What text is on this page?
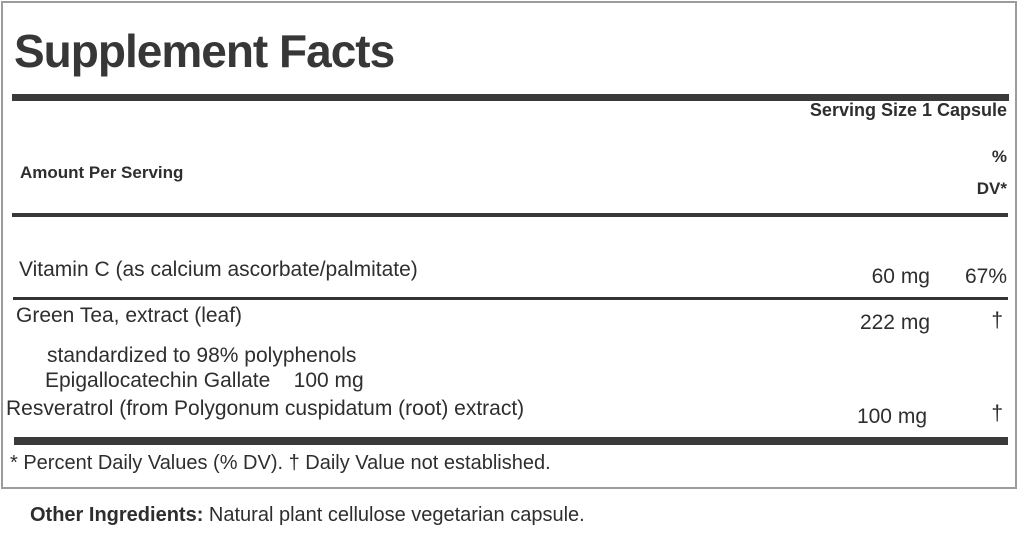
Supplement Facts
Serving Size 1 Capsule
Amount Per Serving
%
DV*
Vitamin C (as calcium ascorbate/palmitate)	60 mg 67%
Green Tea, extract (leaf)	222 mg	†
standardized to 98% polyphenols
Epigallocatechin Gallate    100 mg
Resveratrol (from Polygonum cuspidatum (root) extract)	100 mg	†
* Percent Daily Values (% DV). † Daily Value not established.
Other Ingredients: Natural plant cellulose vegetarian capsule.
